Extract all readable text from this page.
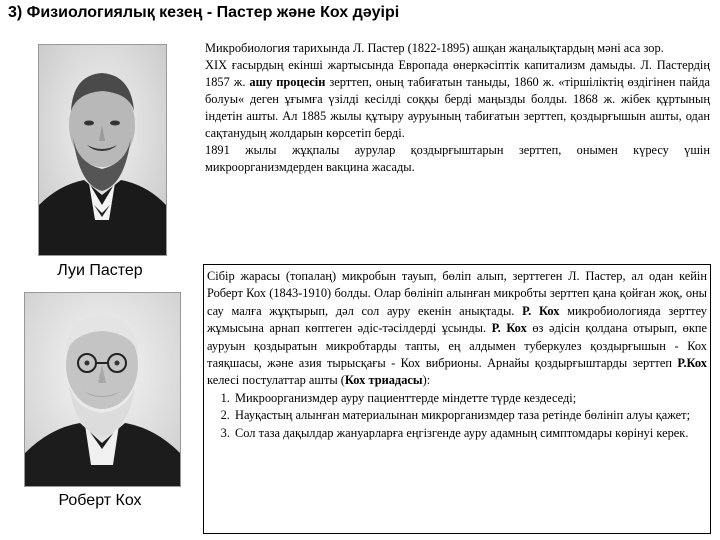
3) Физиологиялық кезең - Пастер және Кох дәуірі
Луи Пастер
Роберт Кох

Микробиология тарихында Л. Пастер (1822-1895) ашқан жаңалықтардың мәні аса зор.

XIX ғасырдың екінші жартысында Европада өнеркәсіптік капитализм дамыды. Л. Пастердің 1857 ж. ашу процесін зерттеп, оның табиғатын таныды, 1860 ж. «тіршіліктің өздігінен пайда болуы« деген ұғымға үзілді кесілді соққы берді маңызды болды. 1868 ж. жібек құртының індетін ашты. Ал 1885 жылы құтыру ауруының табиғатын зерттеп, қоздырғышын ашты, одан сақтанудың жолдарын көрсетіп берді.

1891 жылы жұқпалы аурулар қоздырғыштарын зерттеп, онымен күресу үшін микроорганизмдерден вакцина жасады.

Сібір жарасы (топалаң) микробын тауып, бөліп алып, зерттеген Л. Пастер, ал одан кейін Роберт Кох (1843-1910) болды. Олар бөлініп алынған микробты зерттеп қана қойған жоқ, оны сау малға жұқтырып, дәл сол ауру екенін анықтады. Р. Кох микробиологияда зерттеу жұмысына арнап көптеген әдіс-тәсілдерді ұсынды. Р. Кох өз әдісін қолдана отырып, өкпе ауруын қоздыратын микробтарды тапты, ең алдымен туберкулез қоздырғышын - Кох таяқшасы, және азия тырысқағы - Кох вибрионы. Арнайы қоздырғыштарды зерттеп Р.Кох келесі постулаттар ашты (Кох триадасы):

1. Микроорганизмдер ауру пациенттерде міндетте түрде кездеседі;
2. Науқастың алынған материалынан микрорганизмдер таза ретінде бөлініп алуы қажет;
3. Сол таза дақылдар жануарларға еңгізгенде ауру адамның симптомдары көрінуі керек.
